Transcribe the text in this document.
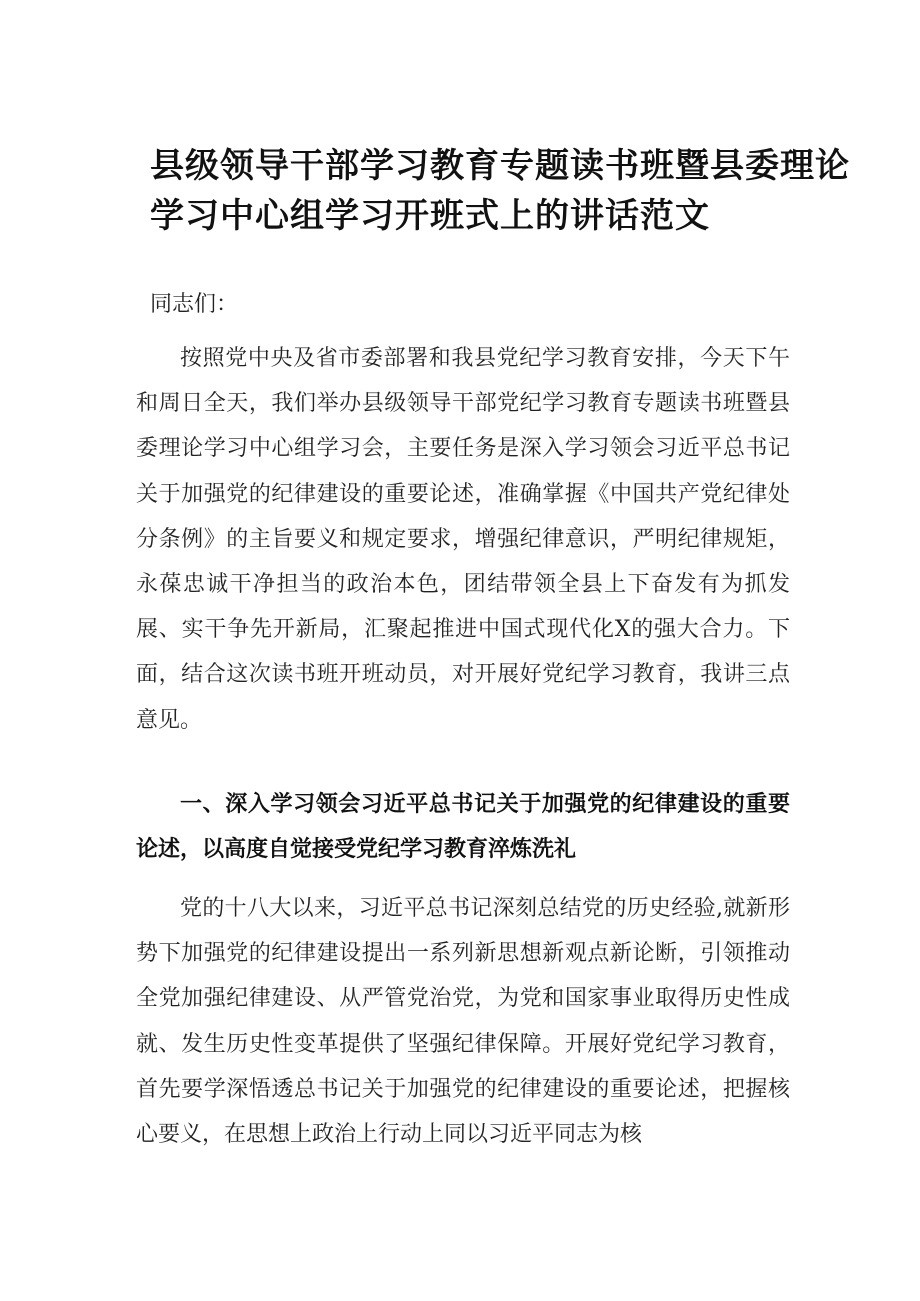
县级领导干部学习教育专题读书班暨县委理论
学习中心组学习开班式上的讲话范文
同志们：
按照党中央及省市委部署和我县党纪学习教育安排，今天下午和周日全天，我们举办县级领导干部党纪学习教育专题读书班暨县委理论学习中心组学习会，主要任务是深入学习领会习近平总书记关于加强党的纪律建设的重要论述，准确掌握《中国共产党纪律处分条例》的主旨要义和规定要求，增强纪律意识，严明纪律规矩，永葆忠诚干净担当的政治本色，团结带领全县上下奋发有为抓发展、实干争先开新局，汇聚起推进中国式现代化X的强大合力。下面，结合这次读书班开班动员，对开展好党纪学习教育，我讲三点意见。
一、深入学习领会习近平总书记关于加强党的纪律建设的重要论述，以高度自觉接受党纪学习教育淬炼洗礼
党的十八大以来，习近平总书记深刻总结党的历史经验,就新形势下加强党的纪律建设提出一系列新思想新观点新论断，引领推动全党加强纪律建设、从严管党治党，为党和国家事业取得历史性成就、发生历史性变革提供了坚强纪律保障。开展好党纪学习教育，首先要学深悟透总书记关于加强党的纪律建设的重要论述，把握核心要义，在思想上政治上行动上同以习近平同志为核
